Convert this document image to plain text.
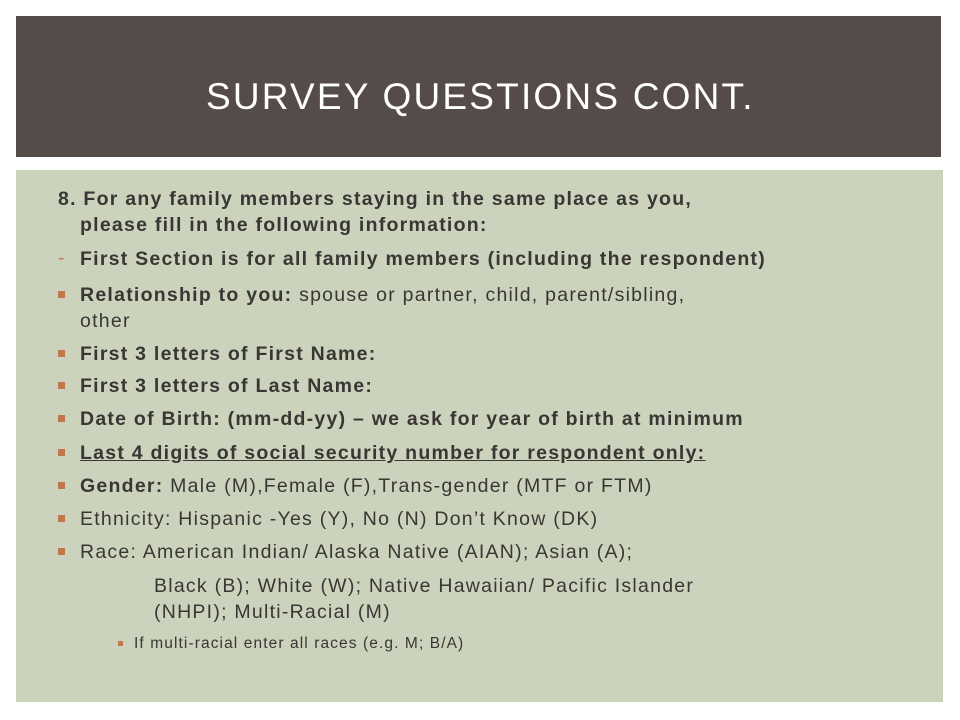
SURVEY QUESTIONS CONT.
8. For any family members staying in the same place as you,
please fill in the following information:
- First Section is for all family members (including the respondent)
Relationship to you: spouse or partner, child, parent/sibling,
other
First 3 letters of First Name:
First 3 letters of Last Name:
Date of Birth: (mm-dd-yy) – we ask for year of birth at minimum
Last 4 digits of social security number for respondent only:
Gender: Male (M),Female (F),Trans-gender (MTF or FTM)
Ethnicity: Hispanic -Yes (Y), No (N) Don’t Know (DK)
Race: American Indian/ Alaska Native (AIAN); Asian (A);
Black (B); White (W); Native Hawaiian/ Pacific Islander
(NHPI); Multi-Racial (M)
If multi-racial enter all races (e.g. M; B/A)
